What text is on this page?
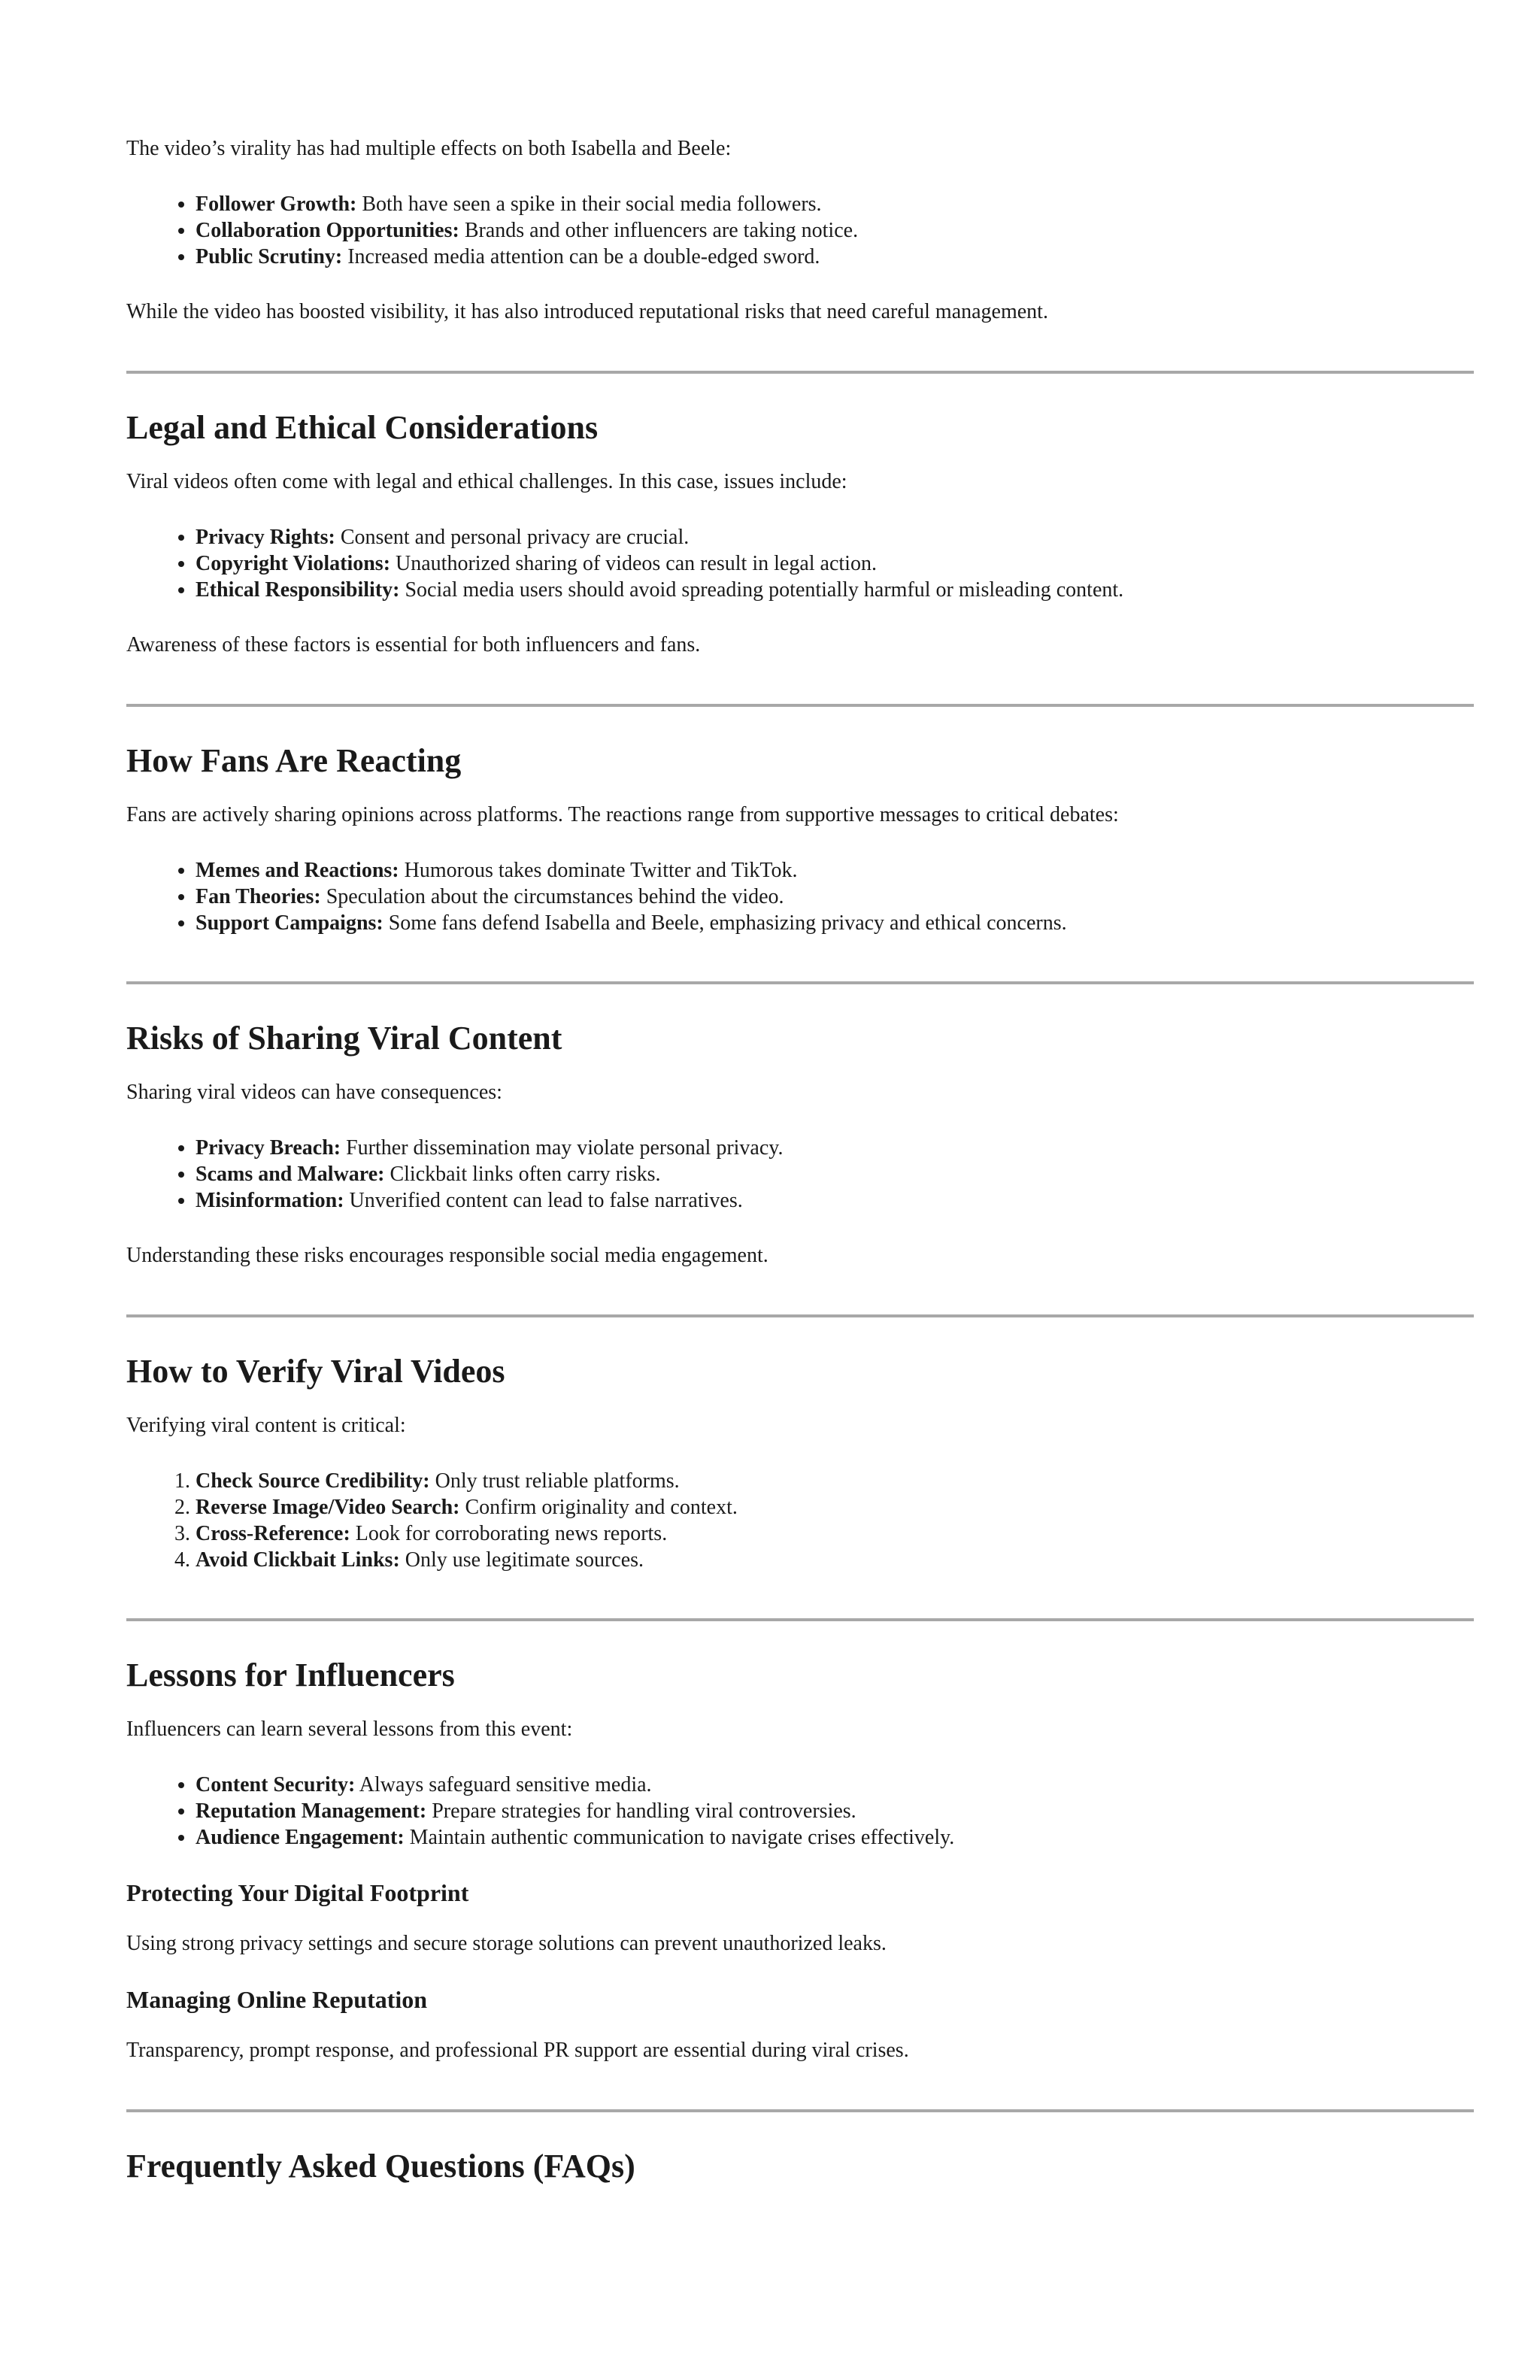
The video’s virality has had multiple effects on both Isabella and Beele:

• Follower Growth: Both have seen a spike in their social media followers.
• Collaboration Opportunities: Brands and other influencers are taking notice.
• Public Scrutiny: Increased media attention can be a double-edged sword.

While the video has boosted visibility, it has also introduced reputational risks that need careful management.

Legal and Ethical Considerations

Viral videos often come with legal and ethical challenges. In this case, issues include:

• Privacy Rights: Consent and personal privacy are crucial.
• Copyright Violations: Unauthorized sharing of videos can result in legal action.
• Ethical Responsibility: Social media users should avoid spreading potentially harmful or misleading content.

Awareness of these factors is essential for both influencers and fans.

How Fans Are Reacting

Fans are actively sharing opinions across platforms. The reactions range from supportive messages to critical debates:

• Memes and Reactions: Humorous takes dominate Twitter and TikTok.
• Fan Theories: Speculation about the circumstances behind the video.
• Support Campaigns: Some fans defend Isabella and Beele, emphasizing privacy and ethical concerns.
Risks of Sharing Viral Content

Sharing viral videos can have consequences:

• Privacy Breach: Further dissemination may violate personal privacy.
• Scams and Malware: Clickbait links often carry risks.
• Misinformation: Unverified content can lead to false narratives.

Understanding these risks encourages responsible social media engagement.

How to Verify Viral Videos

Verifying viral content is critical:

1. Check Source Credibility: Only trust reliable platforms.
2. Reverse Image/Video Search: Confirm originality and context.
3. Cross-Reference: Look for corroborating news reports.
4. Avoid Clickbait Links: Only use legitimate sources.
Lessons for Influencers

Influencers can learn several lessons from this event:

• Content Security: Always safeguard sensitive media.
• Reputation Management: Prepare strategies for handling viral controversies.
• Audience Engagement: Maintain authentic communication to navigate crises effectively.
Protecting Your Digital Footprint

Using strong privacy settings and secure storage solutions can prevent unauthorized leaks.

Managing Online Reputation

Transparency, prompt response, and professional PR support are essential during viral crises.

Frequently Asked Questions (FAQs)
